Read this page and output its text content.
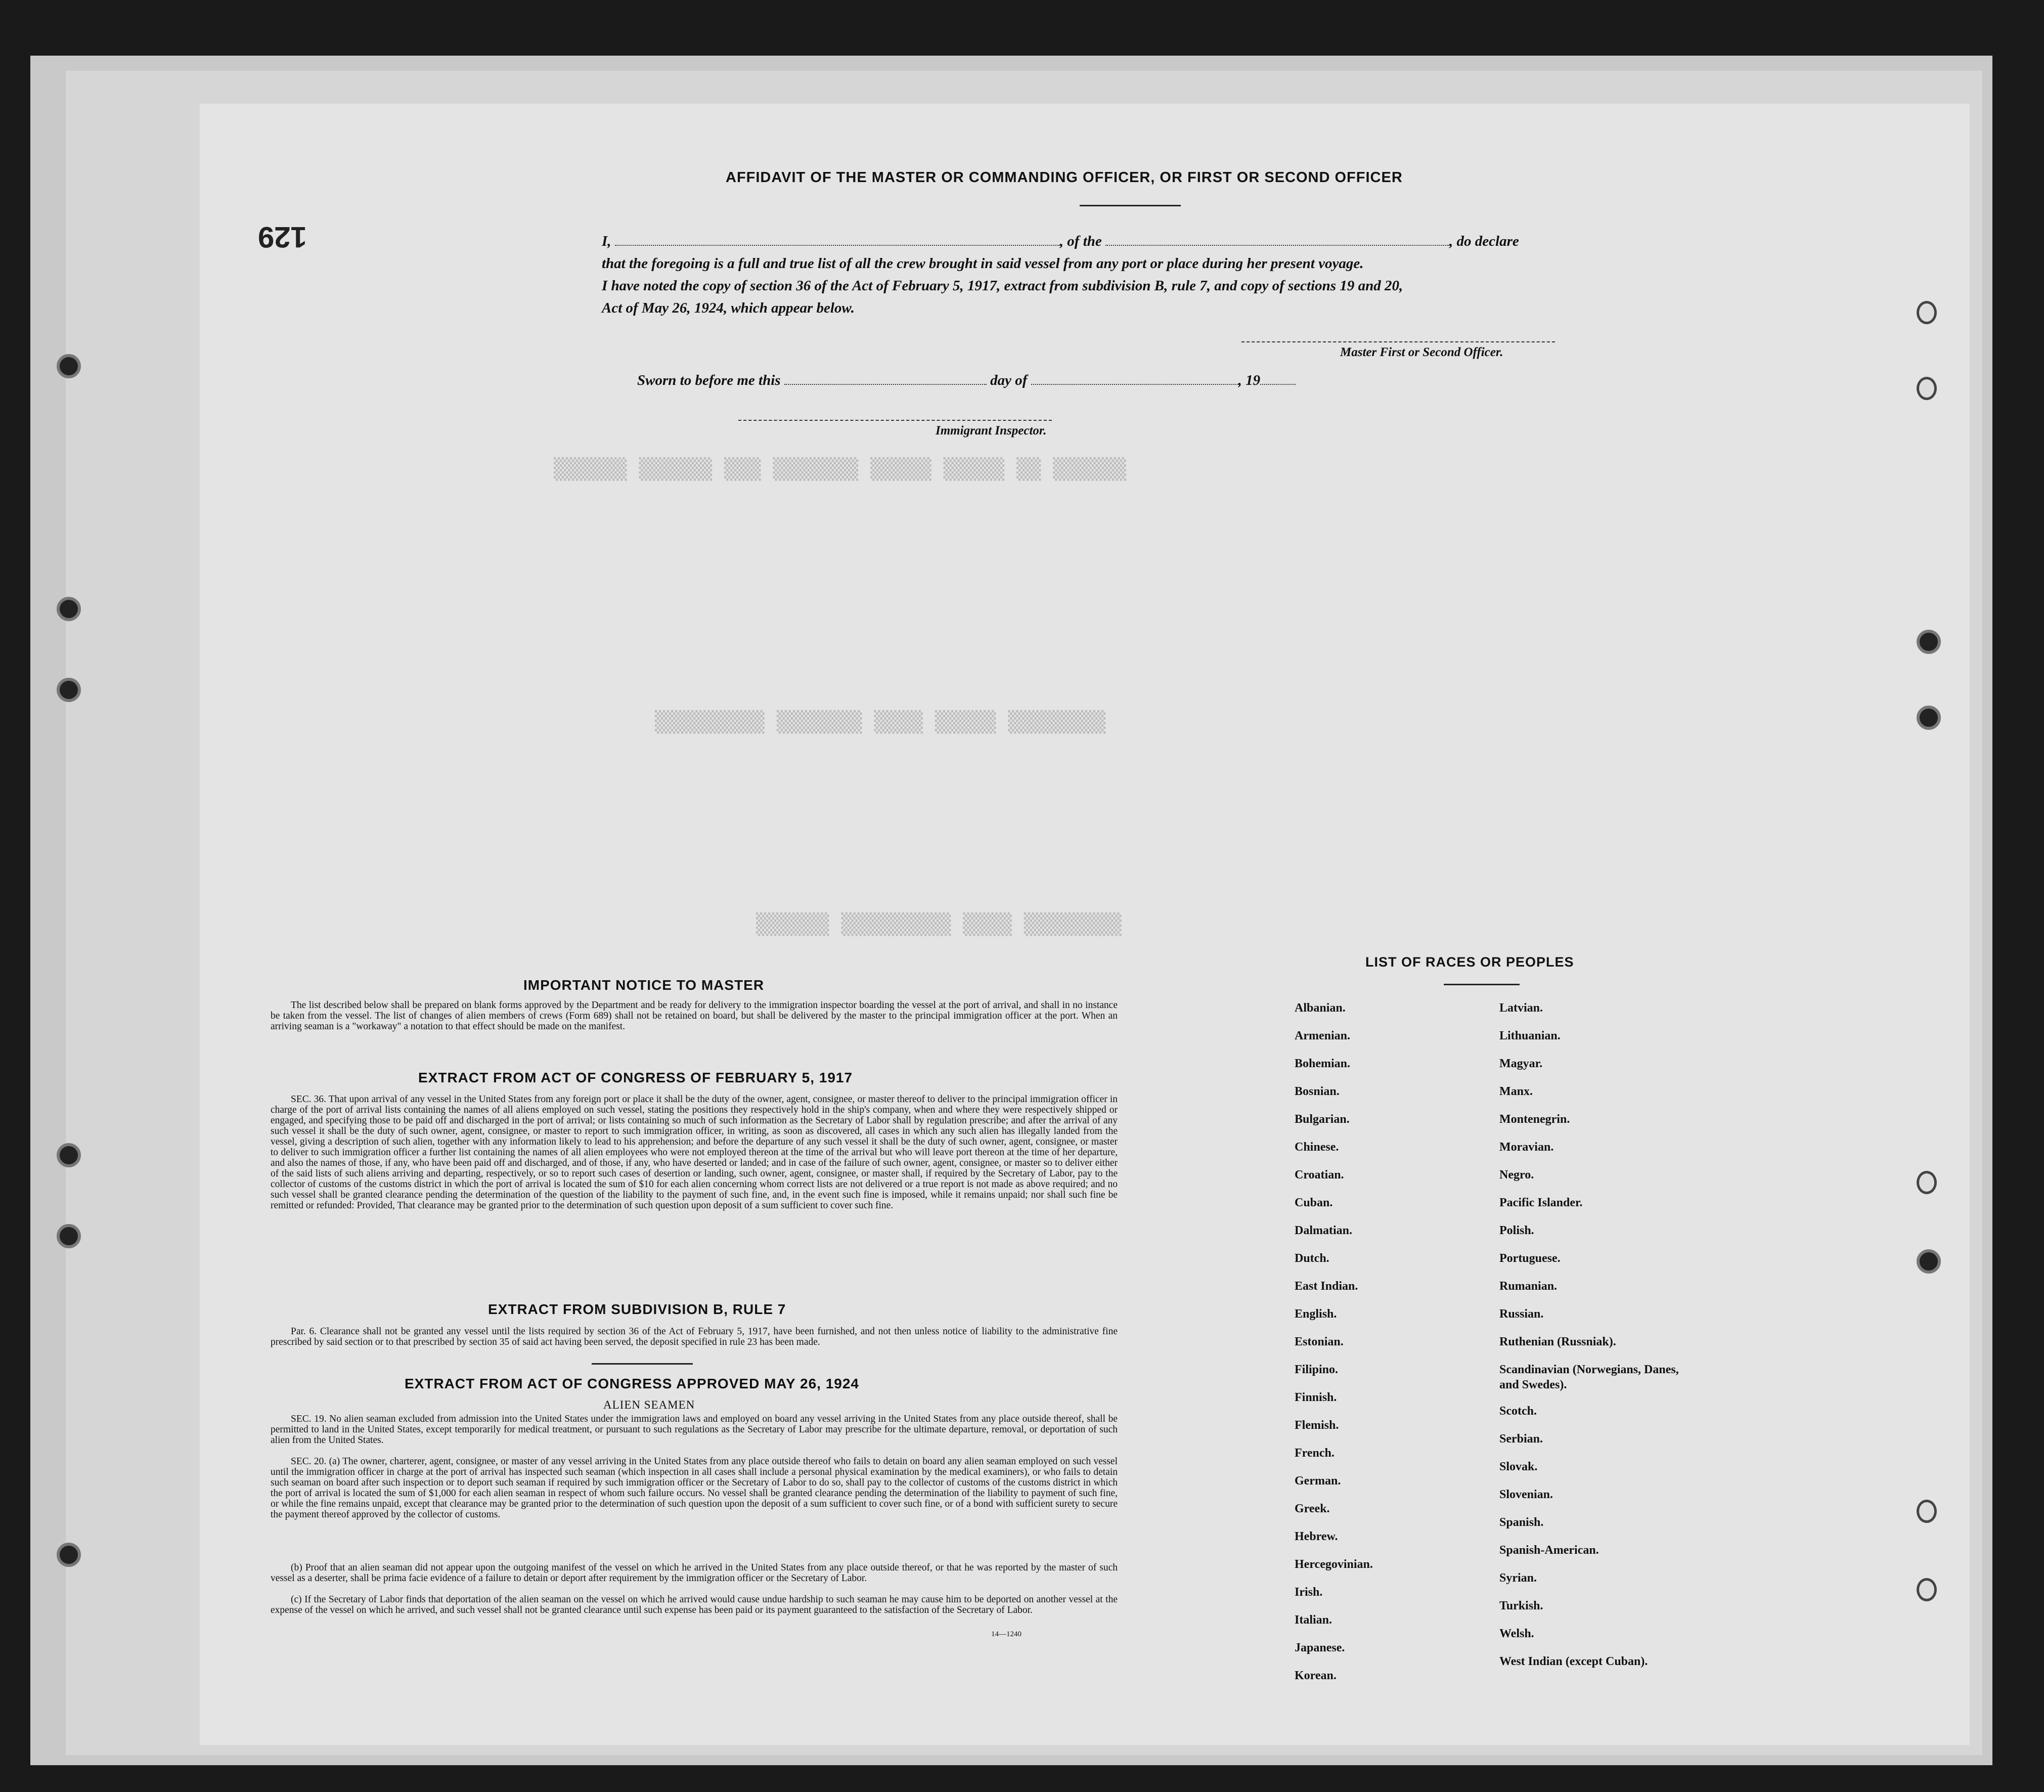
▒▒▒▒▒▒ ▒▒▒▒▒▒ ▒▒▒ ▒▒▒▒▒▒▒ ▒▒▒▒▒ ▒▒▒▒▒ ▒▒ ▒▒▒▒▒▒
▒▒▒▒▒▒▒▒▒ ▒▒▒▒▒▒▒ ▒▒▒▒ ▒▒▒▒▒ ▒▒▒▒▒▒▒▒
▒▒▒▒▒▒ ▒▒▒▒▒▒▒▒▒ ▒▒▒▒ ▒▒▒▒▒▒▒▒
AFFIDAVIT OF THE MASTER OR COMMANDING OFFICER, OR FIRST OR SECOND OFFICER
I,	, of the	, do declare
that the foregoing is a full and true list of all the crew brought in said vessel from any port or place during her present voyage.
I have noted the copy of section 36 of the Act of February 5, 1917, extract from subdivision B, rule 7, and copy of sections 19 and 20,
Act of May 26, 1924, which appear below.
Master First or Second Officer.
Sworn to before me this	day of	, 19
Immigrant Inspector.
IMPORTANT NOTICE TO MASTER
The list described below shall be prepared on blank forms approved by the Department and be ready for delivery to the immigration inspector boarding the vessel at the port of arrival, and shall in no instance be taken from the vessel. The list of changes of alien members of crews (Form 689) shall not be retained on board, but shall be delivered by the master to the principal immigration officer at the port. When an arriving seaman is a "workaway" a notation to that effect should be made on the manifest.
EXTRACT FROM ACT OF CONGRESS OF FEBRUARY 5, 1917
SEC. 36. That upon arrival of any vessel in the United States from any foreign port or place it shall be the duty of the owner, agent, consignee, or master thereof to deliver to the principal immigration officer in charge of the port of arrival lists containing the names of all aliens employed on such vessel, stating the positions they respectively hold in the ship's company, when and where they were respectively shipped or engaged, and specifying those to be paid off and discharged in the port of arrival; or lists containing so much of such information as the Secretary of Labor shall by regulation prescribe; and after the arrival of any such vessel it shall be the duty of such owner, agent, consignee, or master to report to such immigration officer, in writing, as soon as discovered, all cases in which any such alien has illegally landed from the vessel, giving a description of such alien, together with any information likely to lead to his apprehension; and before the departure of any such vessel it shall be the duty of such owner, agent, consignee, or master to deliver to such immigration officer a further list containing the names of all alien employees who were not employed thereon at the time of the arrival but who will leave port thereon at the time of her departure, and also the names of those, if any, who have been paid off and discharged, and of those, if any, who have deserted or landed; and in case of the failure of such owner, agent, consignee, or master so to deliver either of the said lists of such aliens arriving and departing, respectively, or so to report such cases of desertion or landing, such owner, agent, consignee, or master shall, if required by the Secretary of Labor, pay to the collector of customs of the customs district in which the port of arrival is located the sum of $10 for each alien concerning whom correct lists are not delivered or a true report is not made as above required; and no such vessel shall be granted clearance pending the determination of the question of the liability to the payment of such fine, and, in the event such fine is imposed, while it remains unpaid; nor shall such fine be remitted or refunded: Provided, That clearance may be granted prior to the determination of such question upon deposit of a sum sufficient to cover such fine.
EXTRACT FROM SUBDIVISION B, RULE 7
Par. 6. Clearance shall not be granted any vessel until the lists required by section 36 of the Act of February 5, 1917, have been furnished, and not then unless notice of liability to the administrative fine prescribed by said section or to that prescribed by section 35 of said act having been served, the deposit specified in rule 23 has been made.
EXTRACT FROM ACT OF CONGRESS APPROVED MAY 26, 1924
ALIEN SEAMEN
SEC. 19. No alien seaman excluded from admission into the United States under the immigration laws and employed on board any vessel arriving in the United States from any place outside thereof, shall be permitted to land in the United States, except temporarily for medical treatment, or pursuant to such regulations as the Secretary of Labor may prescribe for the ultimate departure, removal, or deportation of such alien from the United States.
SEC. 20. (a) The owner, charterer, agent, consignee, or master of any vessel arriving in the United States from any place outside thereof who fails to detain on board any alien seaman employed on such vessel until the immigration officer in charge at the port of arrival has inspected such seaman (which inspection in all cases shall include a personal physical examination by the medical examiners), or who fails to detain such seaman on board after such inspection or to deport such seaman if required by such immigration officer or the Secretary of Labor to do so, shall pay to the collector of customs of the customs district in which the port of arrival is located the sum of $1,000 for each alien seaman in respect of whom such failure occurs. No vessel shall be granted clearance pending the determination of the liability to payment of such fine, or while the fine remains unpaid, except that clearance may be granted prior to the determination of such question upon the deposit of a sum sufficient to cover such fine, or of a bond with sufficient surety to secure the payment thereof approved by the collector of customs.
(b) Proof that an alien seaman did not appear upon the outgoing manifest of the vessel on which he arrived in the United States from any place outside thereof, or that he was reported by the master of such vessel as a deserter, shall be prima facie evidence of a failure to detain or deport after requirement by the immigration officer or the Secretary of Labor.
(c) If the Secretary of Labor finds that deportation of the alien seaman on the vessel on which he arrived would cause undue hardship to such seaman he may cause him to be deported on another vessel at the expense of the vessel on which he arrived, and such vessel shall not be granted clearance until such expense has been paid or its payment guaranteed to the satisfaction of the Secretary of Labor.
14—1240
LIST OF RACES OR PEOPLES
Albanian.
Armenian.
Bohemian.
Bosnian.
Bulgarian.
Chinese.
Croatian.
Cuban.
Dalmatian.
Dutch.
East Indian.
English.
Estonian.
Filipino.
Finnish.
Flemish.
French.
German.
Greek.
Hebrew.
Hercegovinian.
Irish.
Italian.
Japanese.
Korean.
Latvian.
Lithuanian.
Magyar.
Manx.
Montenegrin.
Moravian.
Negro.
Pacific Islander.
Polish.
Portuguese.
Rumanian.
Russian.
Ruthenian (Russniak).
Scandinavian (Norwegians, Danes, and Swedes).
Scotch.
Serbian.
Slovak.
Slovenian.
Spanish.
Spanish-American.
Syrian.
Turkish.
Welsh.
West Indian (except Cuban).
129
